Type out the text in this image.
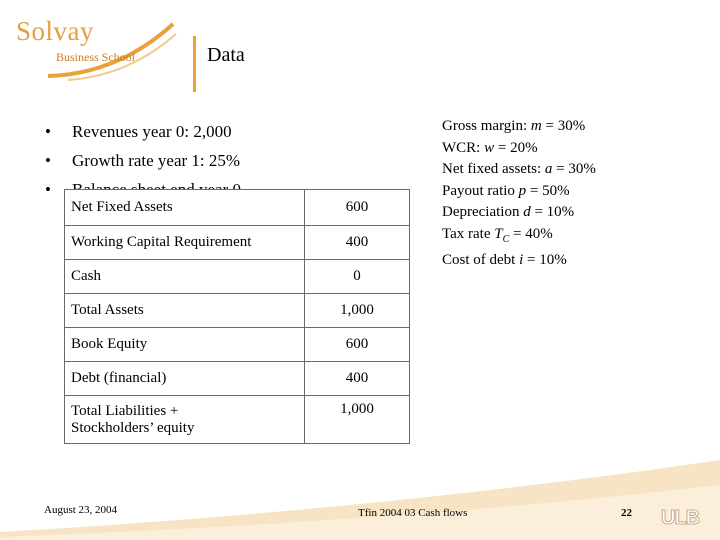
Solvay
Business School	Data
•	Revenues year 0: 2,000
•	Growth rate year 1: 25%
•
Gross margin: m = 30%
WCR: w = 20%
Net fixed assets: a = 30%
Payout ratio p = 50%
Depreciation d = 10%
Tax rate $T_C = 40\%$
Cost of debt i = 10%
Net Fixed Assets	600
Working Capital Requirement	400
Cash	0
Total Assets	1,000
Book Equity	600
Debt (financial)	400
Total Liabilities +
Stockholders’ equity	1,000
August 23, 2004	Tfin 2004 03 Cash flows	22 ULB
